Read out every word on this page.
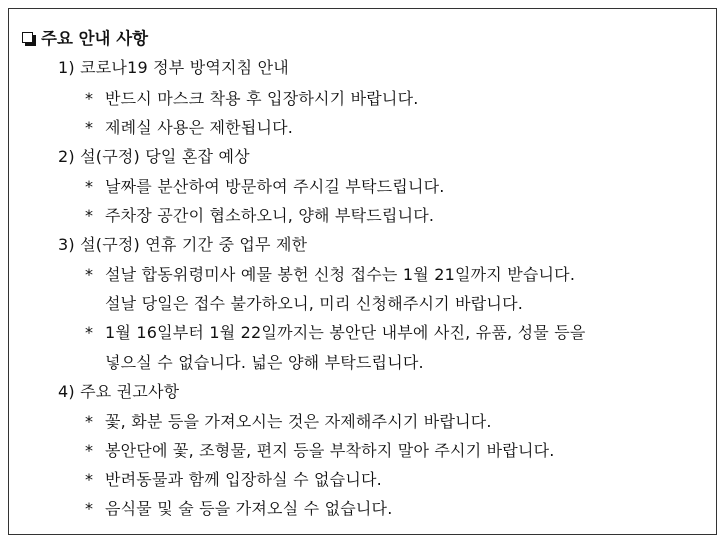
주요 안내 사항
1) 코로나19 정부 방역지침 안내
* 반드시 마스크 착용 후 입장하시기 바랍니다.
* 제례실 사용은 제한됩니다.
2) 설(구정) 당일 혼잡 예상
* 날짜를 분산하여 방문하여 주시길 부탁드립니다.
* 주차장 공간이 협소하오니, 양해 부탁드립니다.
3) 설(구정) 연휴 기간 중 업무 제한
* 설날 합동위령미사 예물 봉헌 신청 접수는 1월 21일까지 받습니다.
설날 당일은 접수 불가하오니, 미리 신청해주시기 바랍니다.
* 1월 16일부터 1월 22일까지는 봉안단 내부에 사진, 유품, 성물 등을
넣으실 수 없습니다. 넓은 양해 부탁드립니다.
4) 주요 권고사항
* 꽃, 화분 등을 가져오시는 것은 자제해주시기 바랍니다.
* 봉안단에 꽃, 조형물, 편지 등을 부착하지 말아 주시기 바랍니다.
* 반려동물과 함께 입장하실 수 없습니다.
* 음식물 및 술 등을 가져오실 수 없습니다.
